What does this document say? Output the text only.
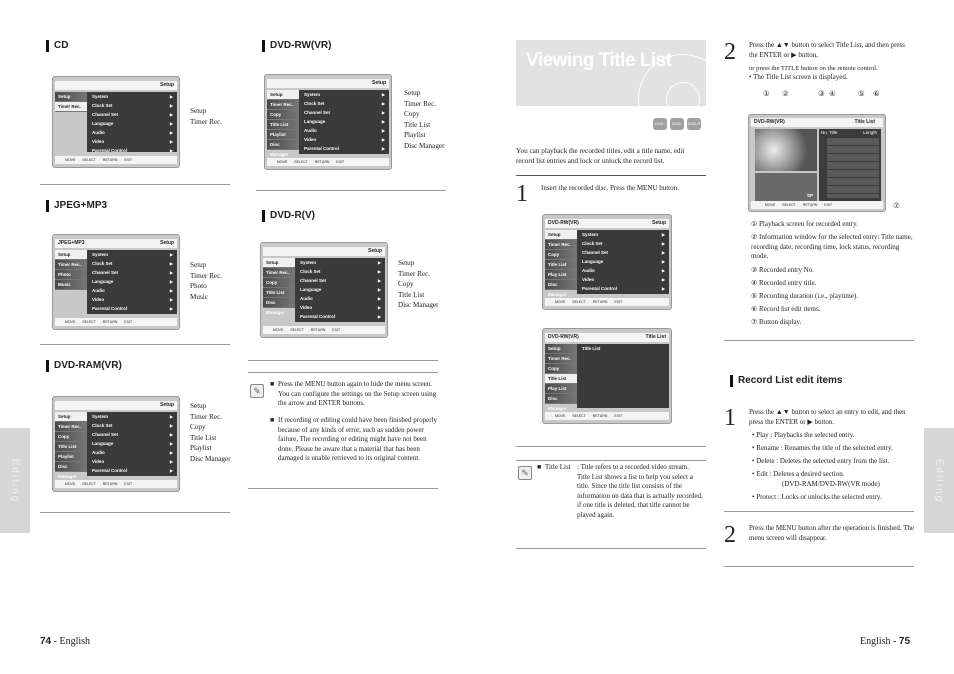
Editing	Editing
CD
Setup
Setup
Timer Rec.
System ▶
Clock Set ▶
Channel Set ▶
Language ▶
Audio ▶
Video ▶
Parental Control ▶
MOVE SELECT RETURN EXIT
Setup
Timer Rec.
JPEG+MP3
JPEG+MP3	Setup
Setup
Timer Rec.
Photo
Music
System ▶
Clock Set ▶
Channel Set ▶
Language ▶
Audio ▶
Video ▶
Parental Control ▶
MOVE SELECT RETURN EXIT
Setup
Timer Rec.
Photo
Music
DVD-RAM(VR)
Setup
Setup
Timer Rec.
Copy
Title List
Playlist
Disc Manager
System ▶
Clock Set ▶
Channel Set ▶
Language ▶
Audio ▶
Video ▶
Parental Control ▶
MOVE SELECT RETURN EXIT
Setup
Timer Rec.
Copy
Title List
Playlist
Disc Manager
DVD-RW(VR)
Setup
Setup
Timer Rec.
Copy
Title List
Playlist
Disc Manager
System ▶
Clock Set ▶
Channel Set ▶
Language ▶
Audio ▶
Video ▶
Parental Control ▶
MOVE SELECT RETURN EXIT
Setup
Timer Rec.
Copy
Title List
Playlist
Disc Manager
DVD-R(V)
Setup
Setup
Timer Rec.
Copy
Title List
Disc Manager
System ▶
Clock Set ▶
Channel Set ▶
Language ▶
Audio ▶
Video ▶
Parental Control ▶
MOVE SELECT RETURN EXIT
Setup
Timer Rec.
Copy
Title List
Disc Manager
✎
■ Press the MENU button again to hide the menu screen. You can configure the settings on the Setup screen using the arrow and ENTER buttons.
■ If recording or editing could have been finished properly because of any kinds of error, such as sudden power failure, The recording or editing might have not been done. Please be aware that a material that has been damaged is unable retrieved to its original content.
74 - English
Viewing Title List
DVD-RAM
DVD-RW
DVD-R
You can playback the recorded titles, edit a title name, edit record list entries and lock or unlock the record list.
1 Insert the recorded disc. Press the MENU button.
DVD-RW(VR)	Setup
Setup
Timer Rec.
Copy
Title List
Play List
Disc Manager
System ▶
Clock Set ▶
Channel Set ▶
Language ▶
Audio ▶
Video ▶
Parental Control ▶
MOVE SELECT RETURN EXIT
DVD-RW(VR)	Title List
Setup
Timer Rec.
Copy
Title List
Play List
Disc Manager
Title List
MOVE SELECT RETURN EXIT
✎
■ Title List : Title refers to a recorded video stream. Title List shows a list to help you select a title. Since the title list consists of the information on data that is actually recorded, if one title is deleted, that title cannot be played again.
2 Press the ▲▼ button to select Title List, and then press the ENTER or ▶ button,
or press the TITLE button on the remote control.
• The Title List screen is displayed.
① ②	③ ④	⑤ ⑥
⑦
DVD-RW(VR)	Title List
SP
No. Title	Length
MOVE SELECT RETURN EXIT
① Playback screen for recorded entry.
② Information window for the selected entry: Title name, recording date, recording time, lock status, recording mode.
③ Recorded entry No.
④ Recorded entry title.
⑤ Recording duration (i.e., playtime).
⑥ Record list edit items.
⑦ Button display.
Record List edit items
1 Press the ▲▼ button to select an entry to edit, and then press the ENTER or ▶ button.
• Play : Playbacks the selected entry.
• Rename : Renames the title of the selected entry.
• Delete : Deletes the selected entry from the list.
• Edit : Deletes a desired section.
(DVD-RAM/DVD-RW(VR mode)
• Protect : Locks or unlocks the selected entry.
2 Press the MENU button after the operation is finished. The menu screen will disappear.
English - 75
